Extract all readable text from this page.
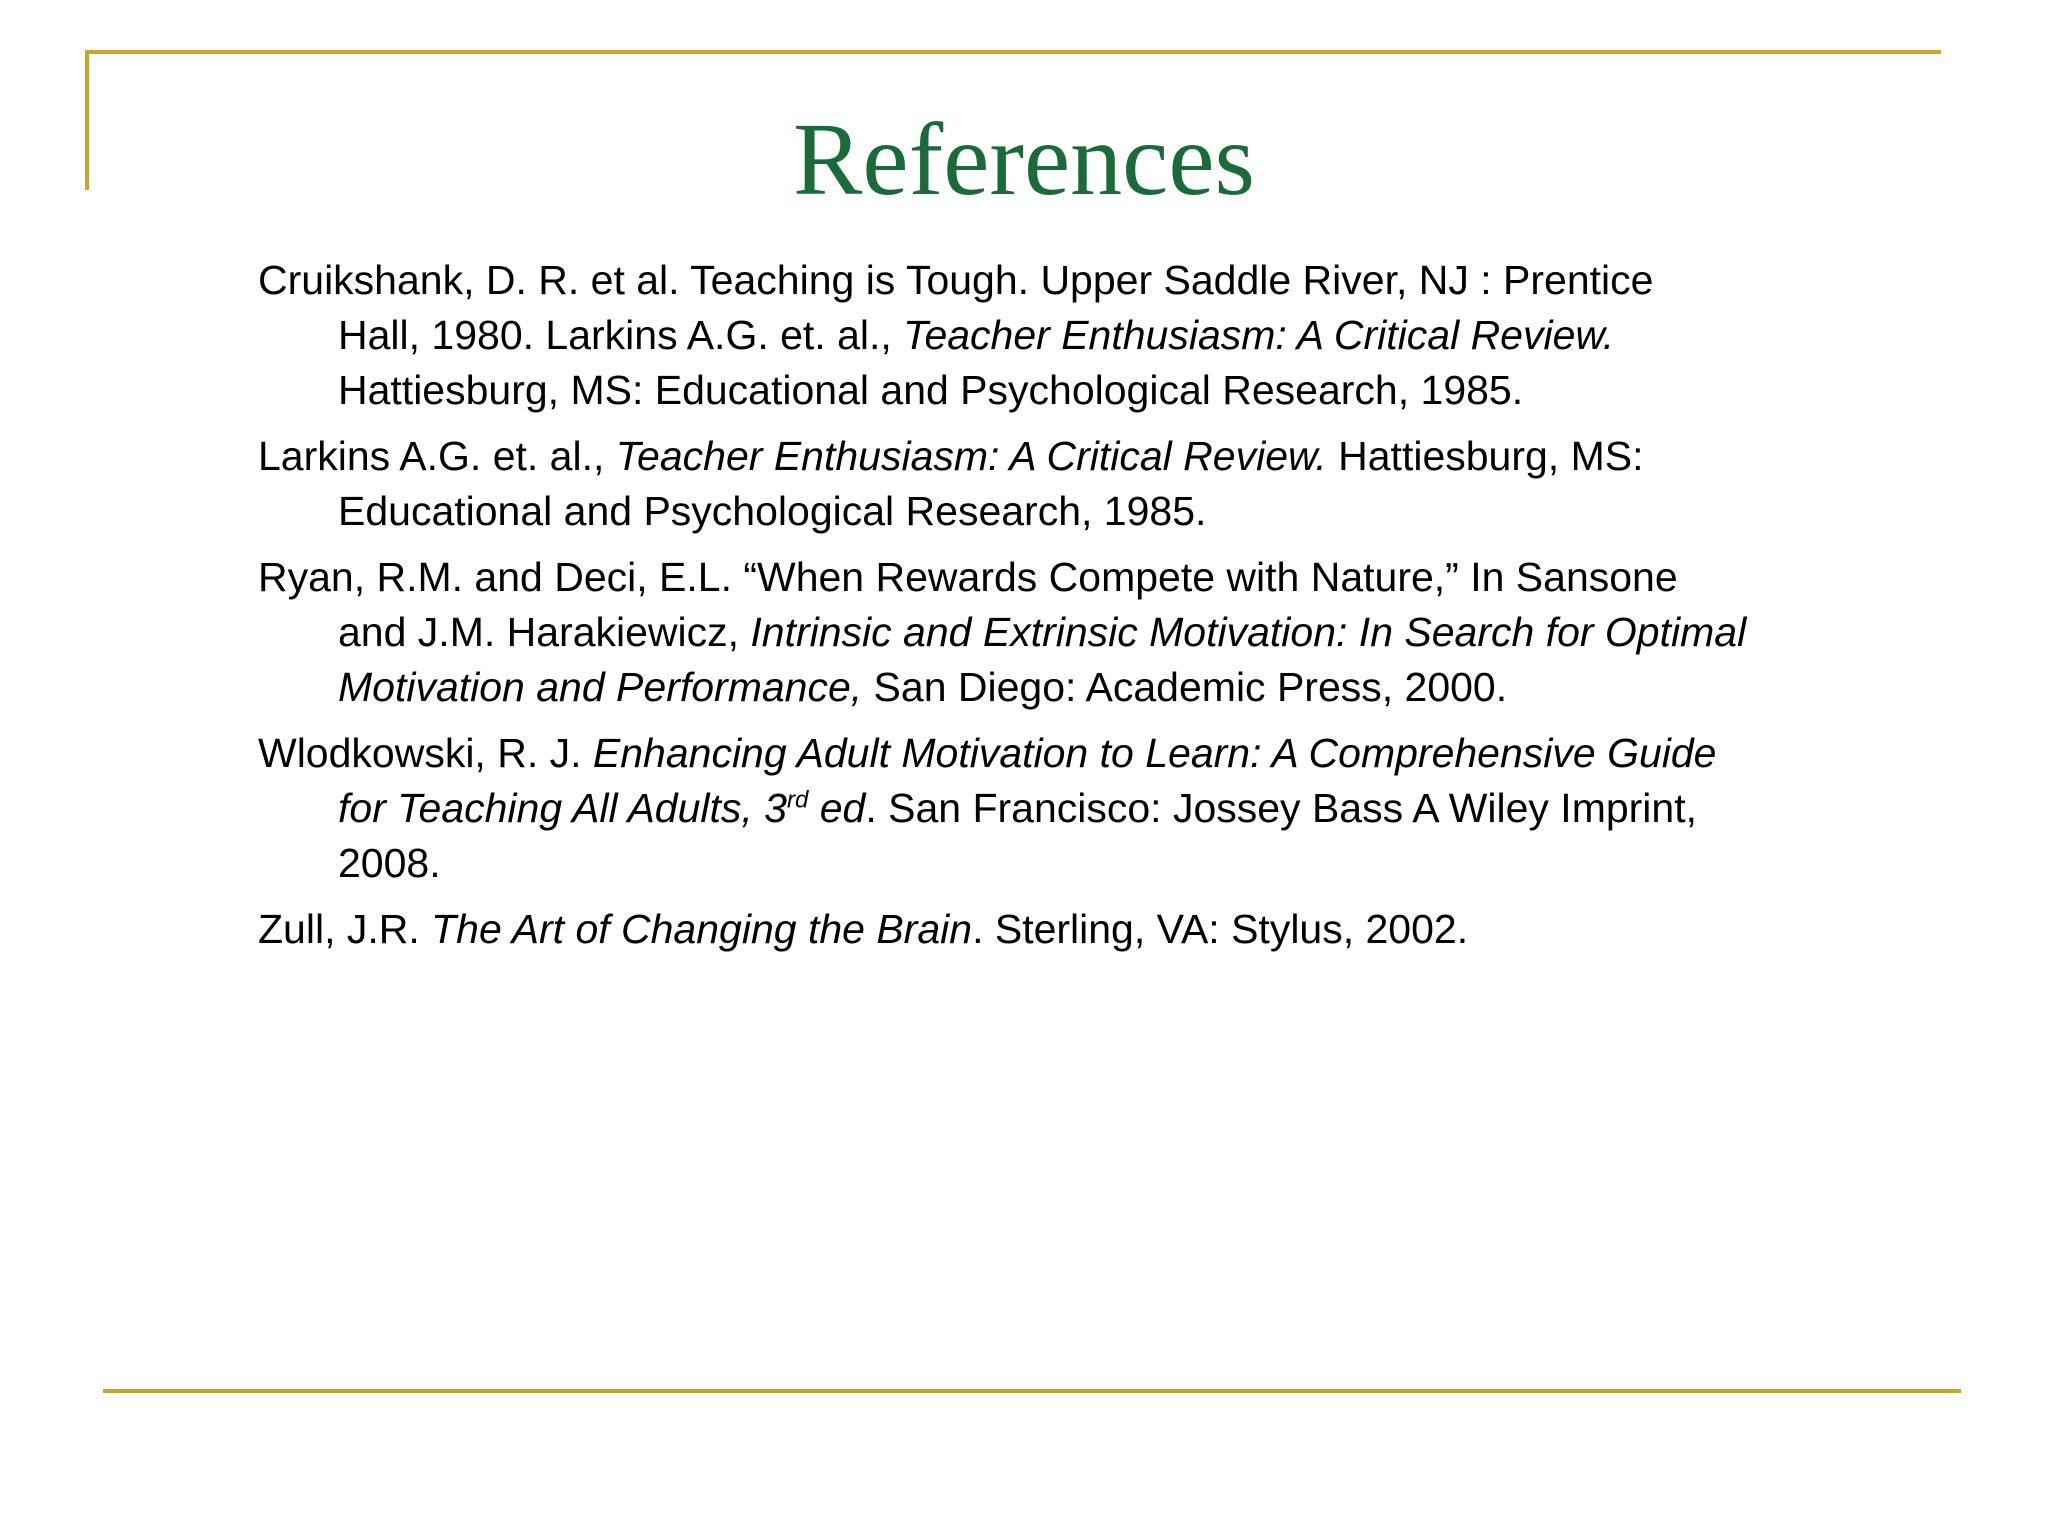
References
Cruikshank, D. R. et al. Teaching is Tough. Upper Saddle River, NJ : Prentice
Hall, 1980. Larkins A.G. et. al., Teacher Enthusiasm: A Critical Review.
Hattiesburg, MS: Educational and Psychological Research, 1985.
Larkins A.G. et. al., Teacher Enthusiasm: A Critical Review. Hattiesburg, MS:
Educational and Psychological Research, 1985.
Ryan, R.M. and Deci, E.L. “When Rewards Compete with Nature,” In Sansone
and J.M. Harakiewicz, Intrinsic and Extrinsic Motivation: In Search for Optimal
Motivation and Performance, San Diego: Academic Press, 2000.
Wlodkowski, R. J. Enhancing Adult Motivation to Learn: A Comprehensive Guide
for Teaching All Adults, 3rd ed. San Francisco: Jossey Bass A Wiley Imprint,
2008.
Zull, J.R. The Art of Changing the Brain. Sterling, VA: Stylus, 2002.
